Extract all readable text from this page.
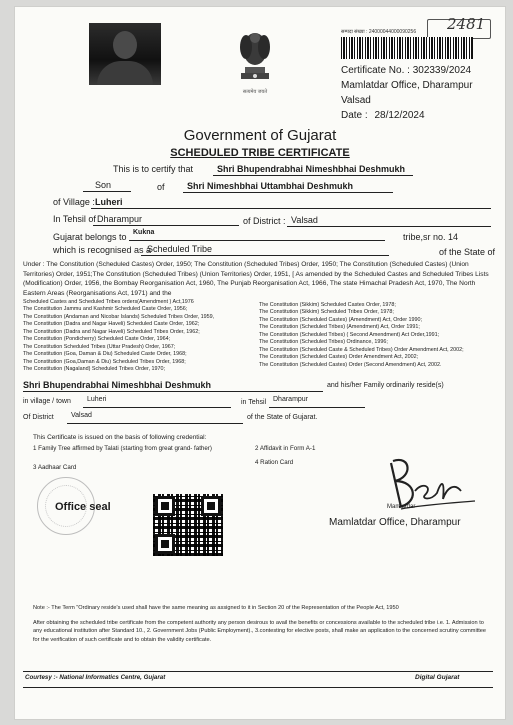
सत्यमेव जयते
2481
सम्पदा संख्या : 24000044000090256
Certificate No. : 302339/2024
Mamlatdar Office, Dharampur
Valsad
Date : 28/12/2024
Government of Gujarat
SCHEDULED TRIBE CERTIFICATE
This is to certify that	Shri Bhupendrabhai Nimeshbhai Deshmukh
Son	of Shri Nimeshbhai Uttambhai Deshmukh
of Village : Luheri
In Tehsil of Dharampur	of District : Valsad
Gujarat belongs to Kukna	tribe,sr no. 14
which is recognised as a
Scheduled Tribe	of the State of
Under : The Constitution (Scheduled Castes) Order, 1950; The Constitution (Scheduled Tribes) Order, 1950; The Constitution (Scheduled Castes) (Union Territories) Order, 1951;The Constitution (Scheduled Tribes) (Union Territories) Order, 1951, [ As amended by the Scheduled Castes and Scheduled Tribes Lists (Modification) Order, 1956, the Bombay Reorganisation Act, 1960, The Punjab Reorganisation Act, 1966, The state Himachal Pradesh Act, 1970, The North Eastern Areas (Reorganisations Act, 1971) and the
Scheduled Castes and Scheduled Tribes orders(Amendment ) Act,1976
The Constitution Jammu and Kashmir Scheduled Caste Order, 1956;
The Constitution (Andaman and Nicobar Islands) Scheduled Tribes Order, 1959,
The Constitution (Dadra and Nagar Haveli) Scheduled Caste Order, 1962;
The Constitution (Dadra and Nagar Haveli) Scheduled Tribes Order, 1962;
The Constitution (Pondicherry) Scheduled Caste Order, 1964;
The Constitution Scheduled Tribes (Uttar Pradesh) Order, 1967;
The Constitution (Goa, Daman & Diu) Scheduled Caste Order, 1968;
The Constitution (Goa,Daman & Diu) Scheduled Tribes Order, 1968;
The Constitution (Nagaland) Scheduled Tribes Order, 1970;
The Constitution (Sikkim) Scheduled Castes Order, 1978;
The Constitution (Sikkim) Scheduled Tribes Order, 1978;
The Constitution (Scheduled Castes) (Amendment) Act, Order 1990;
The Constitution (Scheduled Tribes) (Amendment) Act, Order 1991;
The Constitution (Scheduled Tribes) ( Second Amendment) Act Order,1991;
The Constitution (Scheduled Tribes) Ordinance, 1996;
The Constitution (Scheduled Caste & Scheduled Tribes) Order Amendment Act, 2002;
The Constitution (Scheduled Castes) Order Amendment Act, 2002;
The Constitution (Scheduled Castes) Order (Second Amendment) Act, 2002.
Shri Bhupendrabhai Nimeshbhai Deshmukh	and his/her Family ordinarily reside(s)
in village / town Luheri	in Tehsil Dharampur
Of District Valsad	of the State of Gujarat.
This Certificate is issued on the basis of following credential:
1 Family Tree affirmed by Talati (starting from great grand- father)	2 Affidavit in Form A-1
3 Aadhaar Card
4 Ration Card
Office seal	Mamlatdar
Mamlatdar Office, Dharampur
Note :- The Term "Ordinary reside's used shall have the same meaning as assigned to it in Section 20 of the Representation of the People Act, 1950
After obtaining the scheduled tribe certificate from the competent authority any person desirous to avail the benefits or concessions available to the scheduled tribe i.e. 1. Admission to any educational institution after Standard 10., 2. Government Jobs (Public Employment)., 3.contesting for elective posts, shall make an application to the concerned scrutiny committee for the verification of such certificate and to obtain the validity certificate.
Courtesy :- National Informatics Centre, Gujarat	Digital Gujarat
